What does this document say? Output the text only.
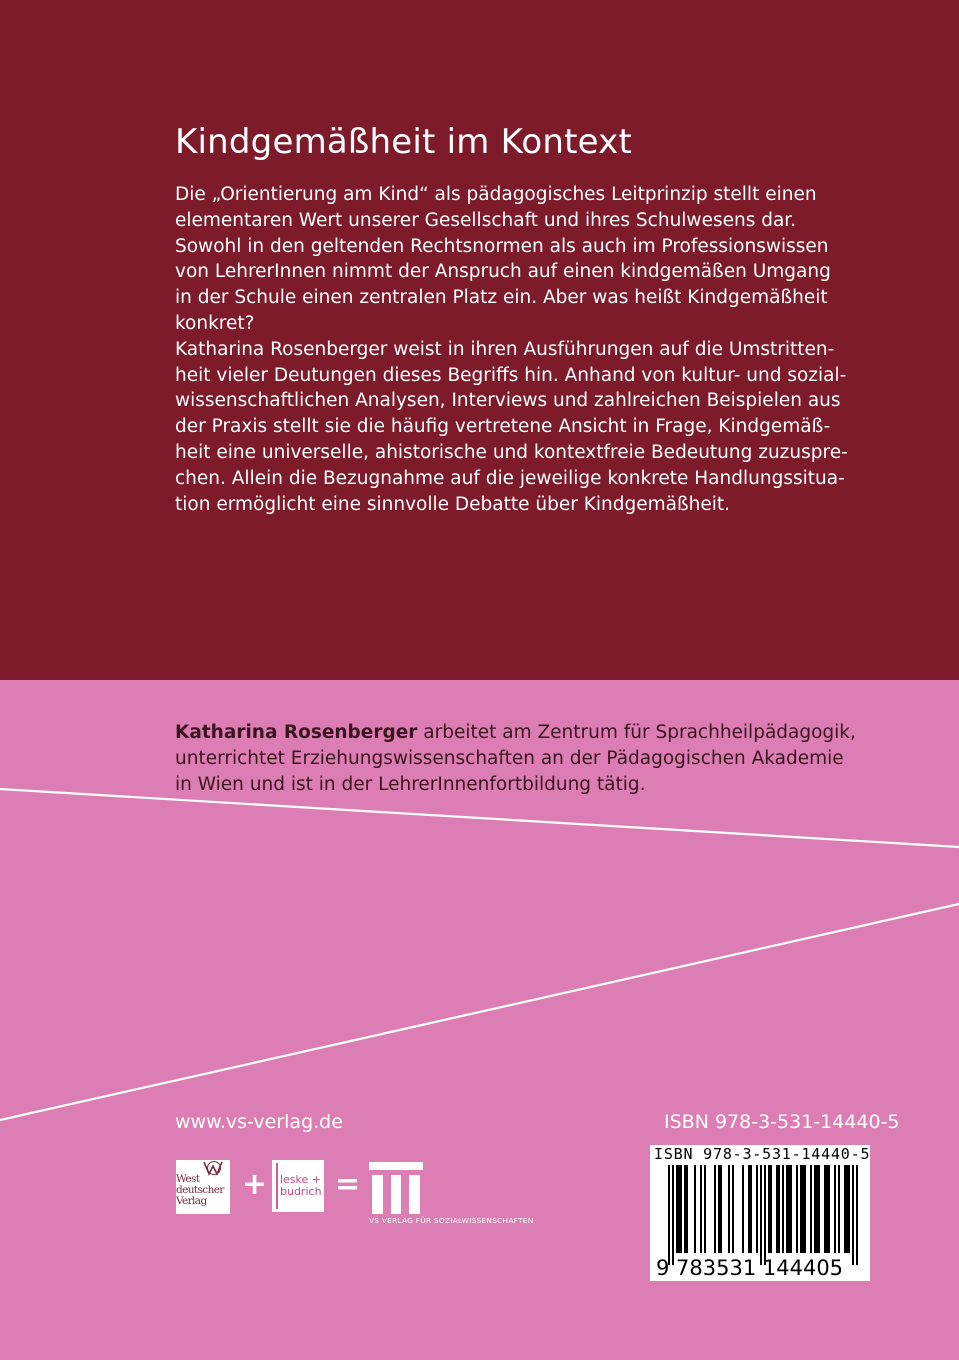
Kindgemäßheit im Kontext

Die „Orientierung am Kind“ als pädagogisches Leitprinzip stellt einen

elementaren Wert unserer Gesellschaft und ihres Schulwesens dar.

Sowohl in den geltenden Rechtsnormen als auch im Professionswissen

von LehrerInnen nimmt der Anspruch auf einen kindgemäßen Umgang

in der Schule einen zentralen Platz ein. Aber was heißt Kindgemäßheit

konkret?

Katharina Rosenberger weist in ihren Ausführungen auf die Umstritten-

heit vieler Deutungen dieses Begriffs hin. Anhand von kultur- und sozial-

wissenschaftlichen Analysen, Interviews und zahlreichen Beispielen aus

der Praxis stellt sie die häufig vertretene Ansicht in Frage, Kindgemäß-

heit eine universelle, ahistorische und kontextfreie Bedeutung zuzuspre-

chen. Allein die Bezugnahme auf die jeweilige konkrete Handlungssitua-

tion ermöglicht eine sinnvolle Debatte über Kindgemäßheit.

Katharina Rosenberger arbeitet am Zentrum für Sprachheilpädagogik,
unterrichtet Erziehungswissenschaften an der Pädagogischen Akademie
in Wien und ist in der LehrerInnenfortbildung tätig.
www.vs-verlag.de	ISBN 978-3-531-14440-5
West
deutscher
Verlag	+ leske +
budrich =
VS VERLAG FÜR SOZIALWISSENSCHAFTEN
ISBN 978-3-531-14440-5
9 783531 144405
